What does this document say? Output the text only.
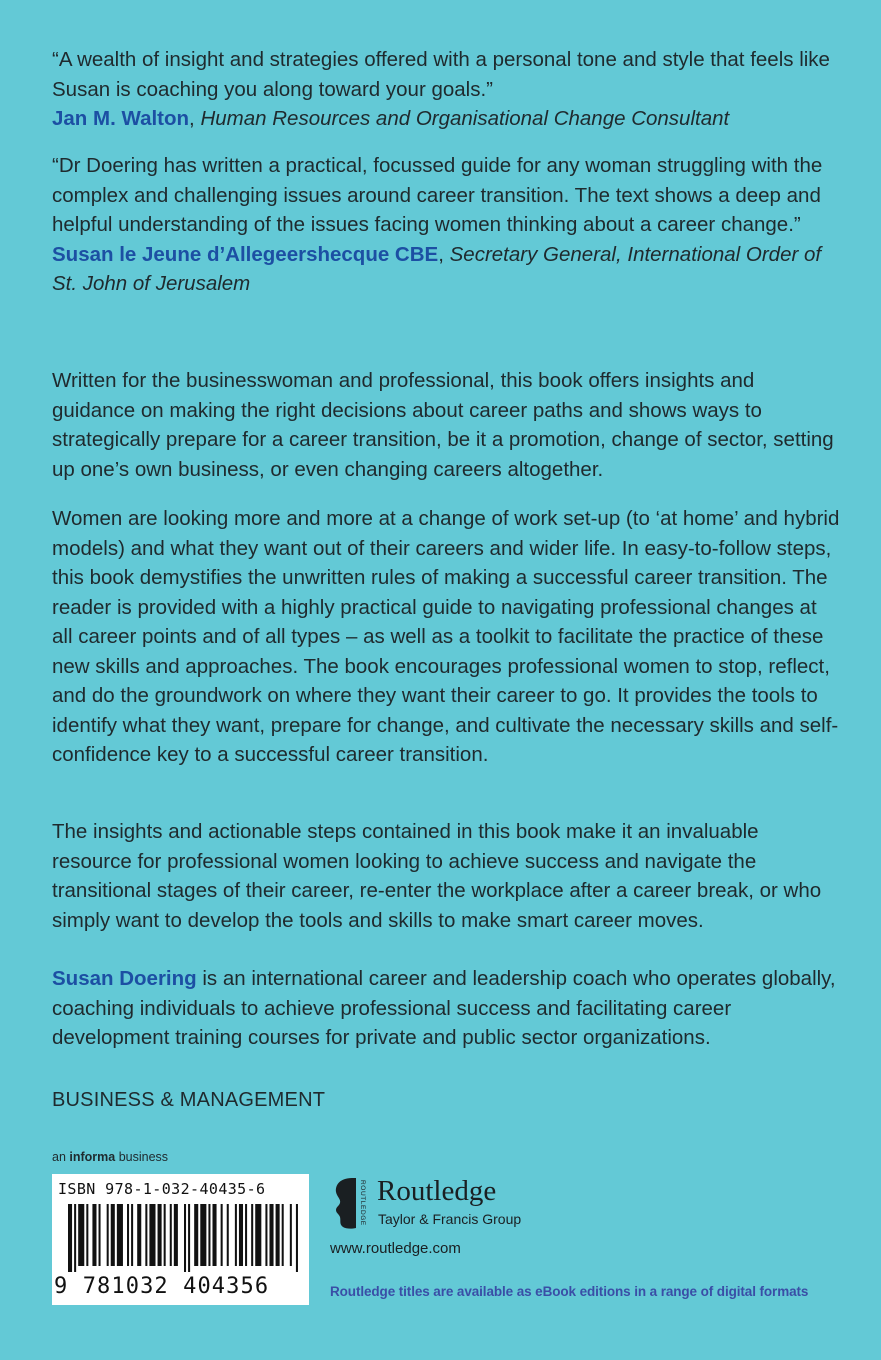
“A wealth of insight and strategies offered with a personal tone and style that feels like Susan is coaching you along toward your goals.”
Jan M. Walton, Human Resources and Organisational Change Consultant

“Dr Doering has written a practical, focussed guide for any woman struggling with the complex and challenging issues around career transition. The text shows a deep and helpful understanding of the issues facing women thinking about a career change.”
Susan le Jeune d’Allegeershecque CBE, Secretary General, International Order of St. John of Jerusalem

Written for the businesswoman and professional, this book offers insights and guidance on making the right decisions about career paths and shows ways to strategically prepare for a career transition, be it a promotion, change of sector, setting up one’s own business, or even changing careers altogether.

Women are looking more and more at a change of work set-up (to ‘at home’ and hybrid models) and what they want out of their careers and wider life. In easy-to-follow steps, this book demystifies the unwritten rules of making a successful career transition. The reader is provided with a highly practical guide to navigating professional changes at all career points and of all types – as well as a toolkit to facilitate the practice of these new skills and approaches. The book encourages professional women to stop, reflect, and do the groundwork on where they want their career to go. It provides the tools to identify what they want, prepare for change, and cultivate the necessary skills and self-confidence key to a successful career transition.

The insights and actionable steps contained in this book make it an invaluable resource for professional women looking to achieve success and navigate the transitional stages of their career, re-enter the workplace after a career break, or who simply want to develop the tools and skills to make smart career moves.

Susan Doering is an international career and leadership coach who operates globally, coaching individuals to achieve professional success and facilitating career development training courses for private and public sector organizations.

BUSINESS & MANAGEMENT
an informa business
ISBN 978-1-032-40435-6
9 781032 404356
ROUTLEDGE Routledge
Taylor & Francis Group
www.routledge.com
Routledge titles are available as eBook editions in a range of digital formats
